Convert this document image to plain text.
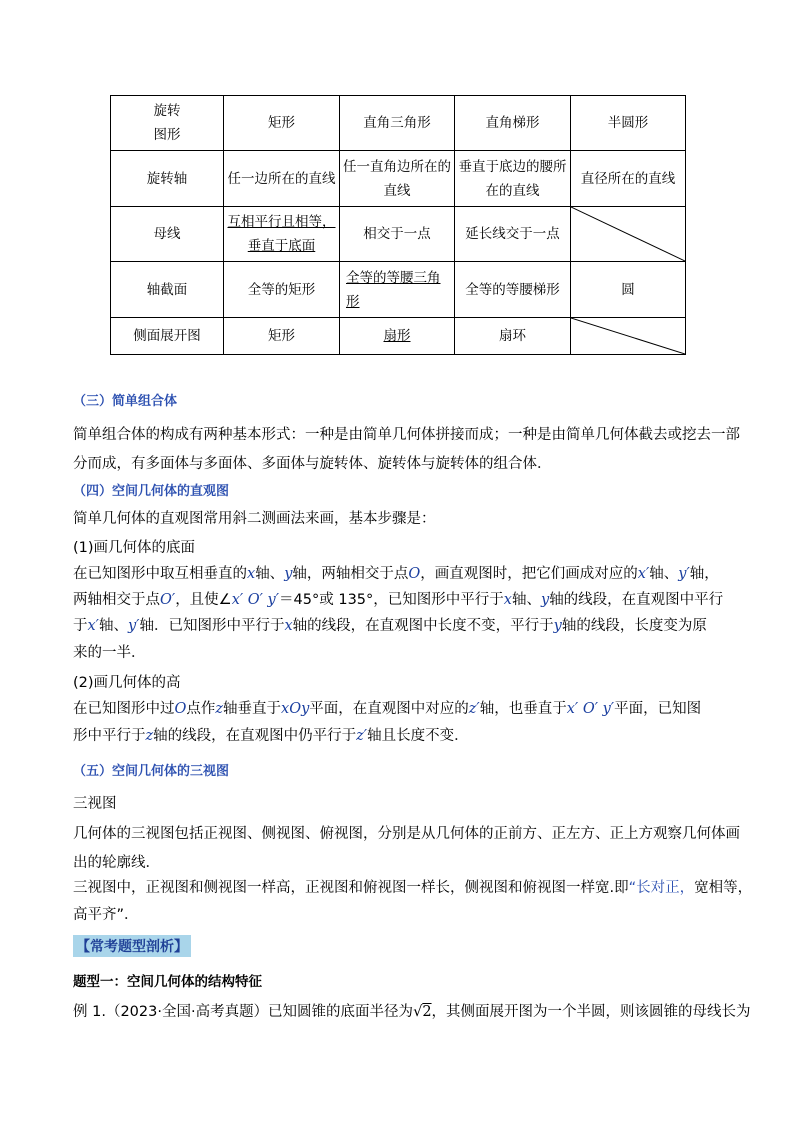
旋转
图形	矩形	直角三角形	直角梯形	半圆形
旋转轴	任一边所在的直线	任一直角边所在的直线	垂直于底边的腰所在的直线	直径所在的直线
母线	互相平行且相等，垂直于底面	相交于一点	延长线交于一点	

轴截面	全等的矩形	全等的等腰三角形	全等的等腰梯形	圆
侧面展开图	矩形	扇形	扇环	
（三）简单组合体
简单组合体的构成有两种基本形式：一种是由简单几何体拼接而成；一种是由简单几何体截去或挖去一部
分而成，有多面体与多面体、多面体与旋转体、旋转体与旋转体的组合体．
（四）空间几何体的直观图
简单几何体的直观图常用斜二测画法来画，基本步骤是：
(1)画几何体的底面
在已知图形中取互相垂直的x轴、y轴，两轴相交于点O，画直观图时，把它们画成对应的x′轴、y′轴，
两轴相交于点O′，且使∠x′ O′ y′＝45°或 135°，已知图形中平行于x轴、y轴的线段，在直观图中平行
于x′轴、y′轴．已知图形中平行于x轴的线段，在直观图中长度不变，平行于y轴的线段，长度变为原
来的一半．
(2)画几何体的高
在已知图形中过O点作z轴垂直于xOy平面，在直观图中对应的z′轴，也垂直于x′ O′ y′平面，已知图
形中平行于z轴的线段，在直观图中仍平行于z′轴且长度不变．
（五）空间几何体的三视图
三视图
几何体的三视图包括正视图、侧视图、俯视图，分别是从几何体的正前方、正左方、正上方观察几何体画
出的轮廓线．
三视图中，正视图和侧视图一样高，正视图和俯视图一样长，侧视图和俯视图一样宽.即“长对正，宽相等，
高平齐”．
【常考题型剖析】
题型一：空间几何体的结构特征
例 1.（2023·全国·高考真题）已知圆锥的底面半径为√2，其侧面展开图为一个半圆，则该圆锥的母线长为
